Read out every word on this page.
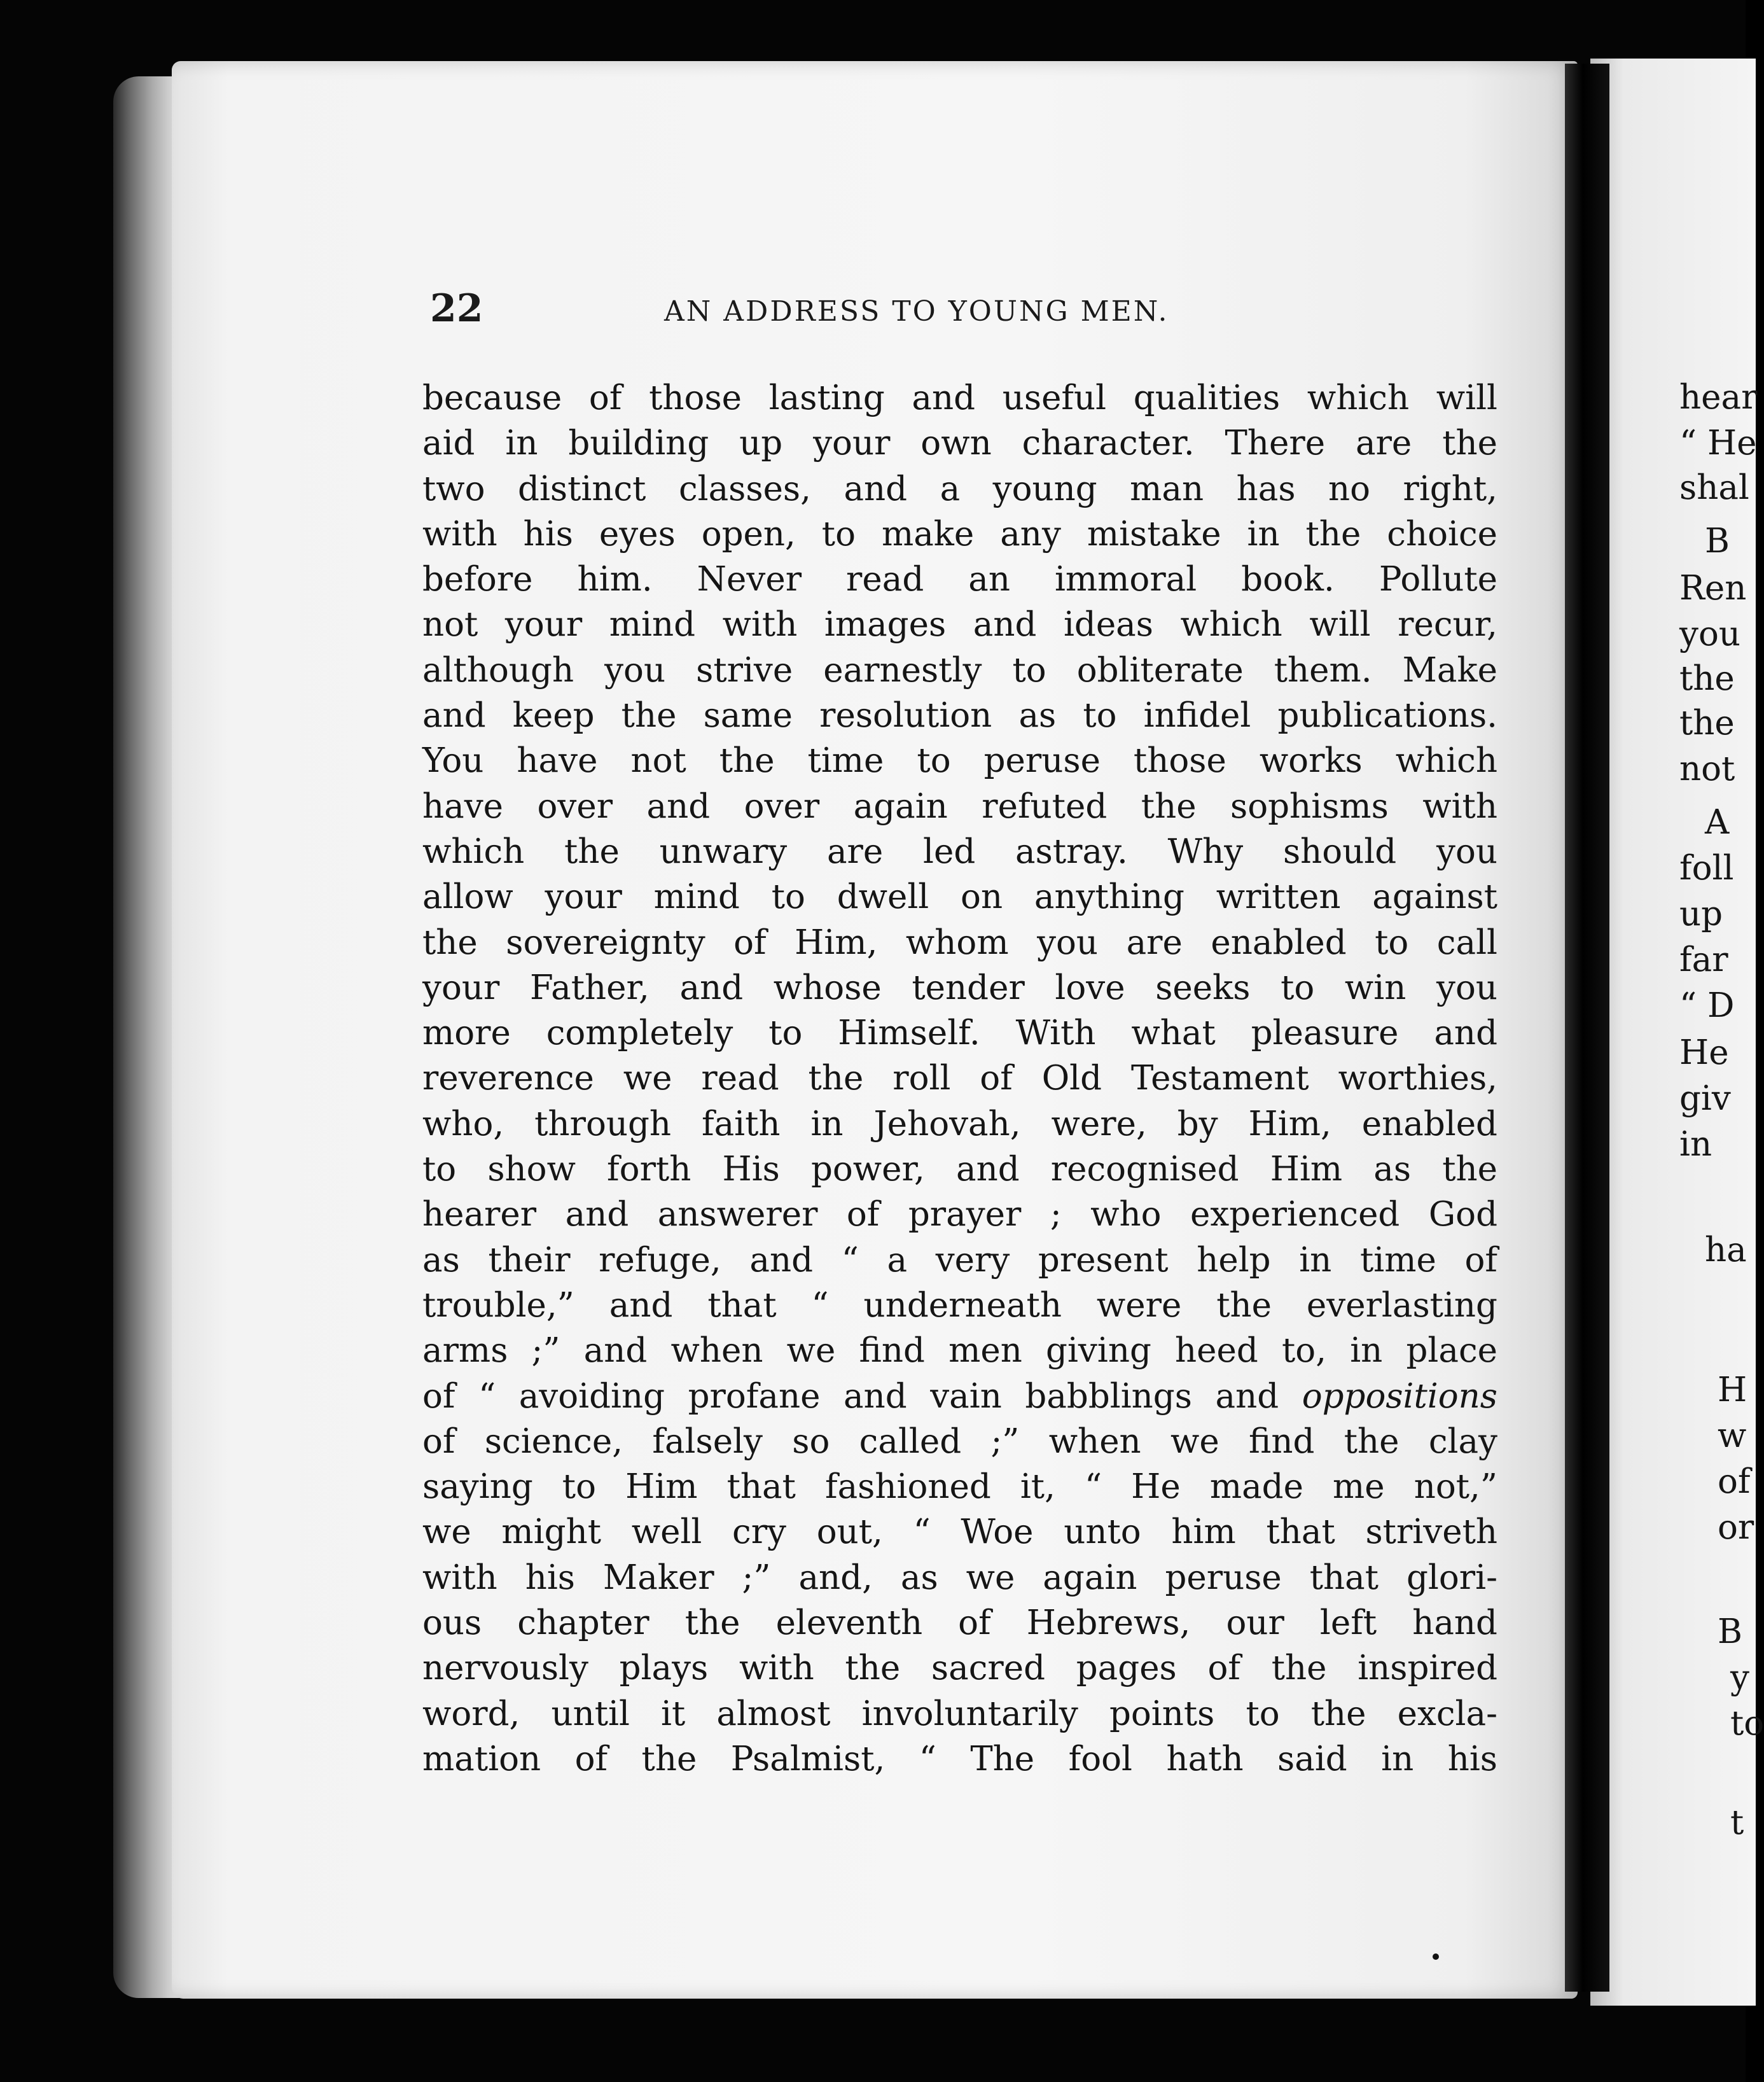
22	AN ADDRESS TO YOUNG MEN.
because of those lasting and useful qualities which will
aid in building up your own character. There are the
two distinct classes, and a young man has no right,
with his eyes open, to make any mistake in the choice
before him. Never read an immoral book. Pollute
not your mind with images and ideas which will recur,
although you strive earnestly to obliterate them. Make
and keep the same resolution as to infidel publications.
You have not the time to peruse those works which
have over and over again refuted the sophisms with
which the unwary are led astray. Why should you
allow your mind to dwell on anything written against
the sovereignty of Him, whom you are enabled to call
your Father, and whose tender love seeks to win you
more completely to Himself. With what pleasure and
reverence we read the roll of Old Testament worthies,
who, through faith in Jehovah, were, by Him, enabled
to show forth His power, and recognised Him as the
hearer and answerer of prayer ; who experienced God
as their refuge, and “ a very present help in time of
trouble,” and that “ underneath were the everlasting
arms ;” and when we find men giving heed to, in place
of “ avoiding profane and vain babblings and oppositions
of science, falsely so called ;” when we find the clay
saying to Him that fashioned it, “ He made me not,”
we might well cry out, “ Woe unto him that striveth
with his Maker ;” and, as we again peruse that glori-
ous chapter the eleventh of Hebrews, our left hand
nervously plays with the sacred pages of the inspired
word, until it almost involuntarily points to the excla-
mation of the Psalmist, “ The fool hath said in his
hear
“ He
shal
B
Ren
you
the
the
not
A
foll
up
far
“ D
He
giv
in
ha
H
w
of
or
B
y
to
t
